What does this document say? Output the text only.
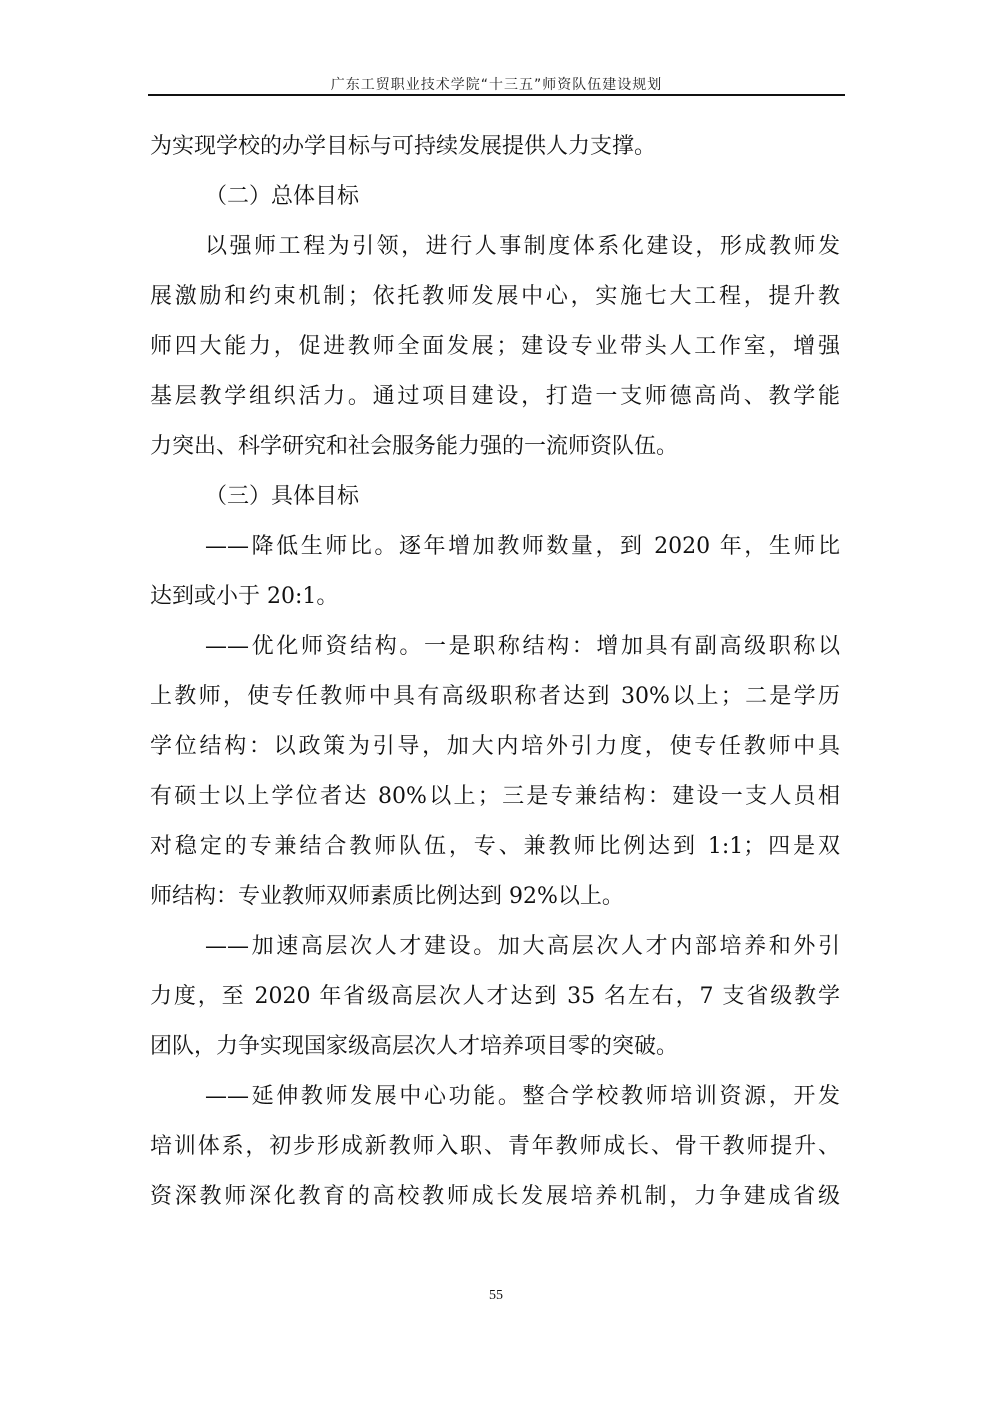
广东工贸职业技术学院“十三五”师资队伍建设规划
为实现学校的办学目标与可持续发展提供人力支撑。
（二）总体目标
以强师工程为引领，进行人事制度体系化建设，形成教师发
展激励和约束机制；依托教师发展中心，实施七大工程，提升教
师四大能力，促进教师全面发展；建设专业带头人工作室，增强
基层教学组织活力。通过项目建设，打造一支师德高尚、教学能
力突出、科学研究和社会服务能力强的一流师资队伍。
（三）具体目标
——降低生师比。逐年增加教师数量，到 2020 年，生师比
达到或小于 20:1。
——优化师资结构。一是职称结构：增加具有副高级职称以
上教师，使专任教师中具有高级职称者达到 30%以上；二是学历
学位结构：以政策为引导，加大内培外引力度，使专任教师中具
有硕士以上学位者达 80%以上；三是专兼结构：建设一支人员相
对稳定的专兼结合教师队伍，专、兼教师比例达到 1:1；四是双
师结构：专业教师双师素质比例达到 92%以上。
——加速高层次人才建设。加大高层次人才内部培养和外引
力度，至 2020 年省级高层次人才达到 35 名左右，7 支省级教学
团队，力争实现国家级高层次人才培养项目零的突破。
——延伸教师发展中心功能。整合学校教师培训资源，开发
培训体系，初步形成新教师入职、青年教师成长、骨干教师提升、
资深教师深化教育的高校教师成长发展培养机制，力争建成省级
55
